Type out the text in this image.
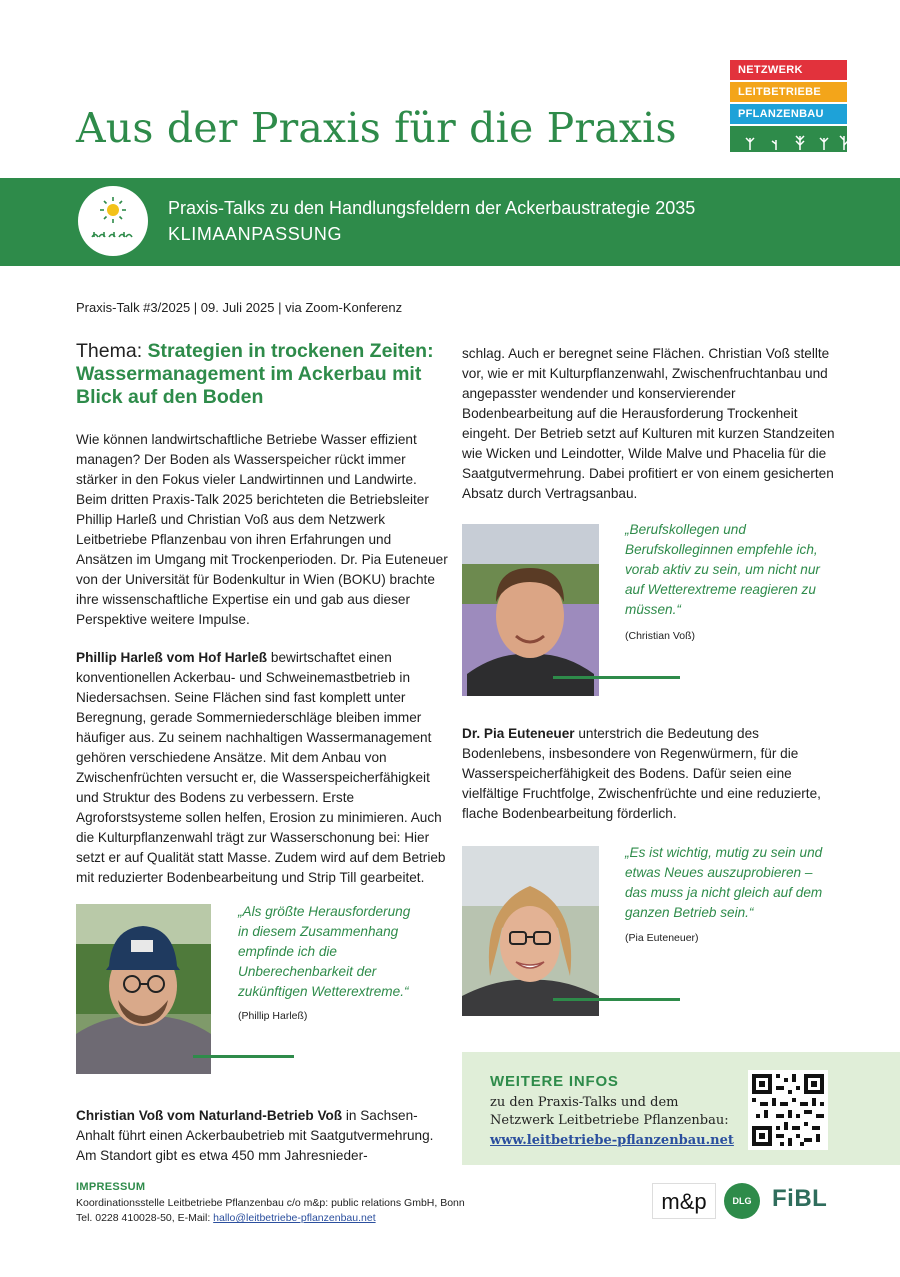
Aus der Praxis für die Praxis
NETZWERK
LEITBETRIEBE
PFLANZENBAU
Praxis-Talks zu den Handlungsfeldern der Ackerbaustrategie 2035
KLIMAANPASSUNG
Praxis-Talk #3/2025 | 09. Juli 2025 | via Zoom-Konferenz
Thema: Strategien in trockenen Zeiten: Wassermanagement im Ackerbau mit Blick auf den Boden
Wie können landwirtschaftliche Betriebe Wasser effizient managen? Der Boden als Wasserspeicher rückt immer stärker in den Fokus vieler Landwirtinnen und Landwirte. Beim dritten Praxis-Talk 2025 berichteten die Betriebsleiter Phillip Harleß und Christian Voß aus dem Netzwerk Leitbetriebe Pflanzenbau von ihren Erfahrungen und Ansätzen im Umgang mit Trockenperioden. Dr. Pia Euteneuer von der Universität für Bodenkultur in Wien (BOKU) brachte ihre wissenschaftliche Expertise ein und gab aus dieser Perspektive weitere Impulse.
Phillip Harleß vom Hof Harleß bewirtschaftet einen konventionellen Ackerbau- und Schweinemastbetrieb in Niedersachsen. Seine Flächen sind fast komplett unter Beregnung, gerade Sommerniederschläge bleiben immer häufiger aus. Zu seinem nachhaltigen Wassermanagement gehören verschiedene Ansätze. Mit dem Anbau von Zwischenfrüchten versucht er, die Wasserspeicherfähigkeit und Struktur des Bodens zu verbessern. Erste Agroforstsysteme sollen helfen, Erosion zu minimieren. Auch die Kulturpflanzenwahl trägt zur Wasserschonung bei: Hier setzt er auf Qualität statt Masse. Zudem wird auf dem Betrieb mit reduzierter Bodenbearbeitung und Strip Till gearbeitet.
„Als größte Herausforderung in diesem Zusammenhang empfinde ich die Unberechenbarkeit der zukünftigen Wetterextreme.“
(Phillip Harleß)
Christian Voß vom Naturland-Betrieb Voß in Sachsen-Anhalt führt einen Ackerbaubetrieb mit Saatgutvermehrung. Am Standort gibt es etwa 450 mm Jahresnieder-
schlag. Auch er beregnet seine Flächen. Christian Voß stellte vor, wie er mit Kulturpflanzenwahl, Zwischenfruchtanbau und angepasster wendender und konservierender Bodenbearbeitung auf die Herausforderung Trockenheit eingeht. Der Betrieb setzt auf Kulturen mit kurzen Standzeiten wie Wicken und Leindotter, Wilde Malve und Phacelia für die Saatgutvermehrung. Dabei profitiert er von einem gesicherten Absatz durch Vertragsanbau.
„Berufskollegen und Berufskolleginnen empfehle ich, vorab aktiv zu sein, um nicht nur auf Wetterextreme reagieren zu müssen.“
(Christian Voß)
Dr. Pia Euteneuer unterstrich die Bedeutung des Bodenlebens, insbesondere von Regenwürmern, für die Wasserspeicherfähigkeit des Bodens. Dafür seien eine vielfältige Fruchtfolge, Zwischenfrüchte und eine reduzierte, flache Bodenbearbeitung förderlich.
„Es ist wichtig, mutig zu sein und etwas Neues auszuprobieren – das muss ja nicht gleich auf dem ganzen Betrieb sein.“
(Pia Euteneuer)
WEITERE INFOS
zu den Praxis-Talks und dem Netzwerk Leitbetriebe Pflanzenbau:
www.leitbetriebe-pflanzenbau.net
IMPRESSUM
Koordinationsstelle Leitbetriebe Pflanzenbau c/o m&p: public relations GmbH, Bonn
Tel. 0228 410028-50, E-Mail: hallo@leitbetriebe-pflanzenbau.net
m&p	DLG FiBL
